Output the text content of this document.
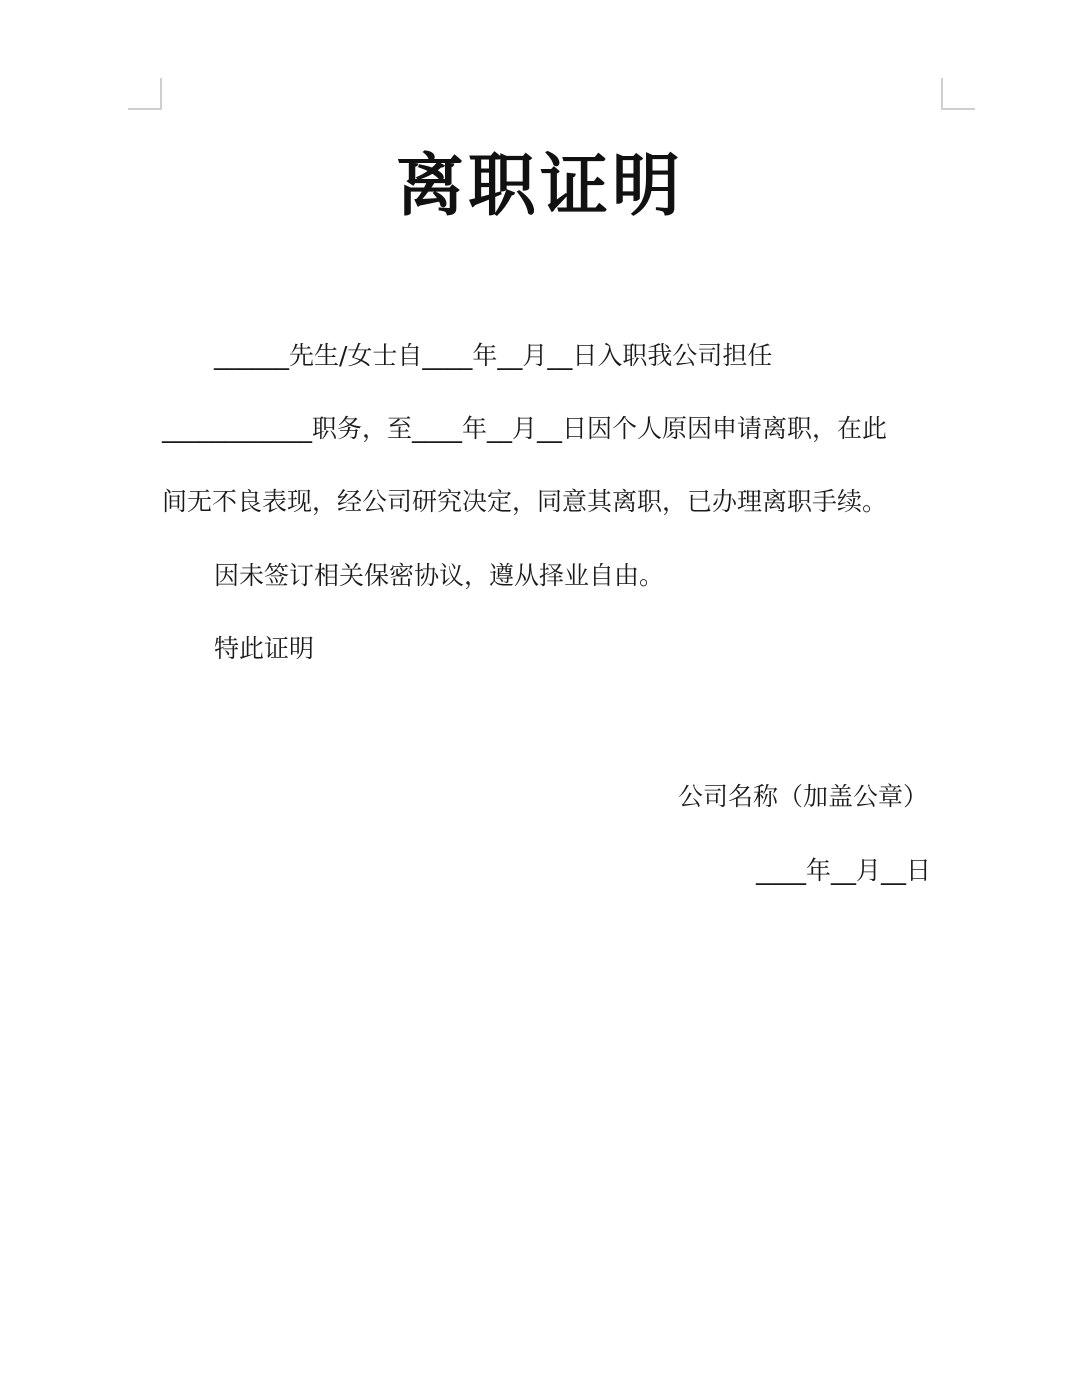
离职证明
______先生/女士自____年__月__日入职我公司担任
____________职务，至____年__月__日因个人原因申请离职，在此
间无不良表现，经公司研究决定，同意其离职，已办理离职手续。
因未签订相关保密协议，遵从择业自由。
特此证明
公司名称（加盖公章）
____年__月__日
